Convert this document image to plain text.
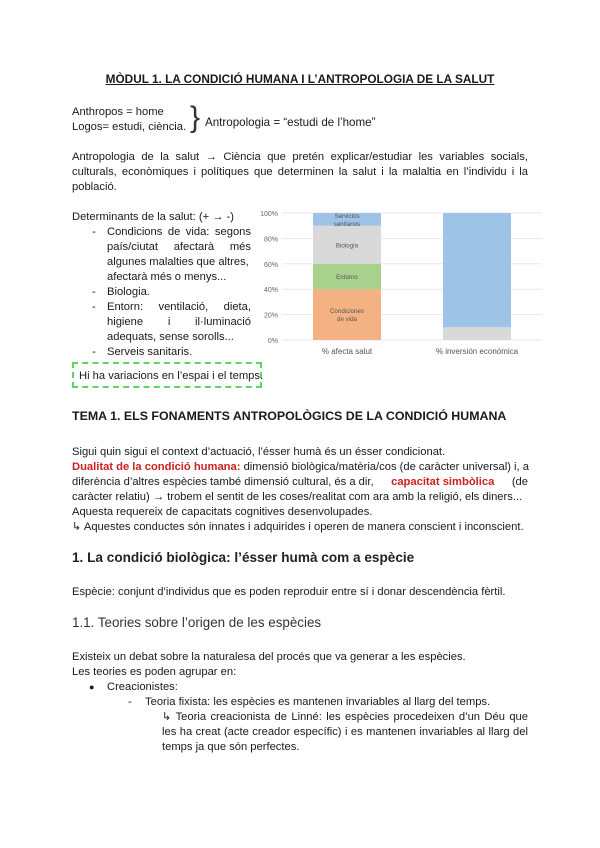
MÒDUL 1. LA CONDICIÓ HUMANA I L’ANTROPOLOGIA DE LA SALUT
Anthropos = home
Logos= estudi, ciència. } Antropologia = “estudi de l’home”
Antropologia de la salut → Ciència que pretén explicar/estudiar les variables socials,
culturals, econòmiques i polítiques que determinen la salut i la malaltia en l’individu i la
població.
Determinants de la salut: (+ → -)
- Condicions de vida: segons
país/ciutat afectarà més
algunes malalties que altres,
afectarà més o menys...
- Biologia.
- Entorn: ventilació, dieta,
higiene i il·luminació
adequats, sense sorolls...
- Serveis sanitaris.
Hi ha variacions en l’espai i el temps.
0%
20%
40%
60%
80%
100%
Condiciones
de vida
Entorno
Biología
Servicios
sanitarios
% afecta salut	% inversión económica
TEMA 1. ELS FONAMENTS ANTROPOLÒGICS DE LA CONDICIÓ HUMANA
Sigui quin sigui el context d’actuació, l’ésser humà és un ésser condicionat.
Dualitat de la condició humana: dimensió biològica/matèria/cos (de caràcter universal) i, a
diferència d’altres espècies també dimensió cultural, és a dir, capacitat simbòlica (de
caràcter relatiu) → trobem el sentit de les coses/realitat com ara amb la religió, els diners...
Aquesta requereix de capacitats cognitives desenvolupades.
↳ Aquestes conductes són innates i adquirides i operen de manera conscient i inconscient.
1. La condició biològica: l’ésser humà com a espècie
Espècie: conjunt d’individus que es poden reproduir entre sí i donar descendència fèrtil.
1.1. Teories sobre l’origen de les espècies
Existeix un debat sobre la naturalesa del procés que va generar a les espècies.
Les teories es poden agrupar en:
● Creacionistes:
- Teoria fixista: les espècies es mantenen invariables al llarg del temps.
↳ Teoria creacionista de Linné: les espècies procedeixen d’un Déu que
les ha creat (acte creador específic) i es mantenen invariables al llarg del
temps ja que són perfectes.
